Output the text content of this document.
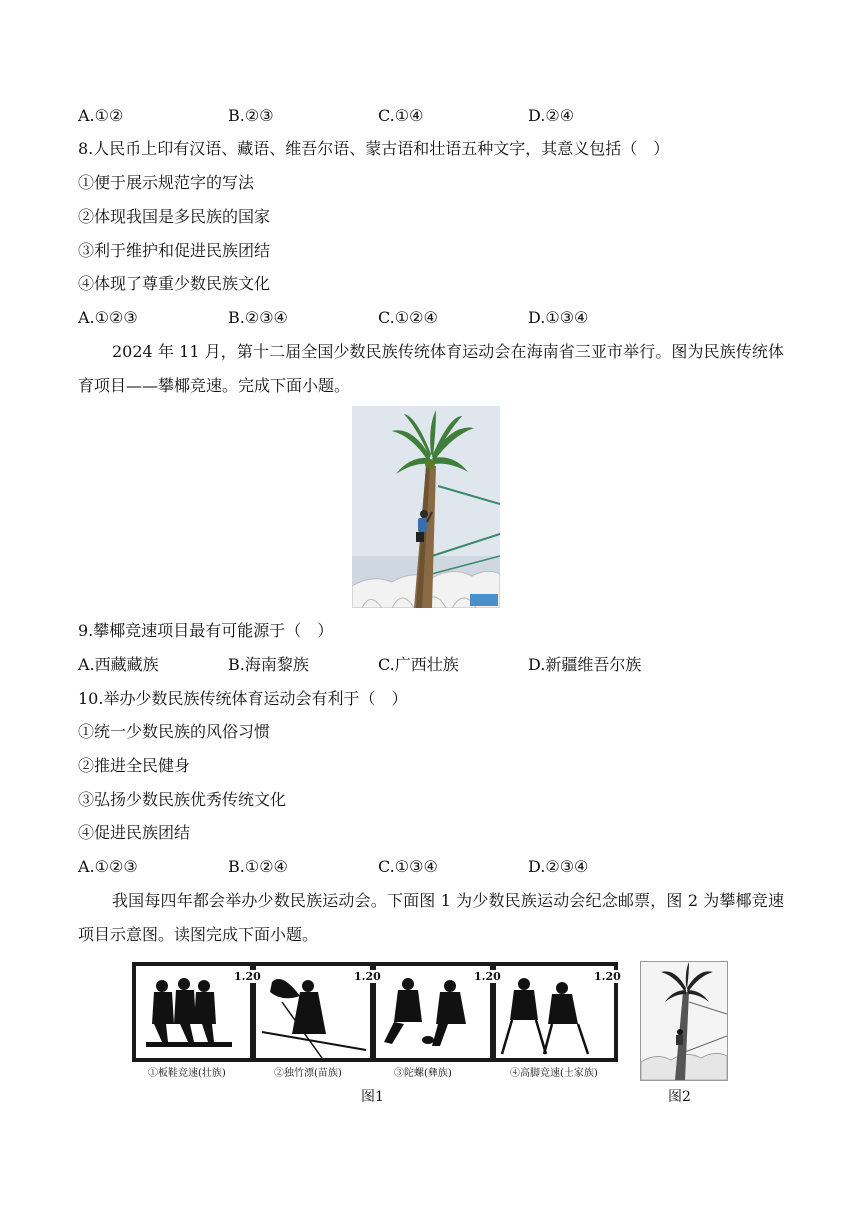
A.①②	B.②③	C.①④	D.②④
8.人民币上印有汉语、藏语、维吾尔语、蒙古语和壮语五种文字，其意义包括（　）
①便于展示规范字的写法
②体现我国是多民族的国家
③利于维护和促进民族团结
④体现了尊重少数民族文化
A.①②③	B.②③④	C.①②④	D.①③④
2024 年 11 月，第十二届全国少数民族传统体育运动会在海南省三亚市举行。图为民族传统体育项目——攀椰竞速。完成下面小题。
9.攀椰竞速项目最有可能源于（　）
A.西藏藏族	B.海南黎族	C.广西壮族	D.新疆维吾尔族
10.举办少数民族传统体育运动会有利于（　）
①统一少数民族的风俗习惯
②推进全民健身
③弘扬少数民族优秀传统文化
④促进民族团结
A.①②③	B.①②④	C.①③④	D.②③④
我国每四年都会举办少数民族运动会。下面图 1 为少数民族运动会纪念邮票，图 2 为攀椰竞速项目示意图。读图完成下面小题。
1.20	1.20	1.20	1.20
①板鞋竞速(壮族)	②独竹漂(苗族)	③陀螺(彝族)	④高脚竞速(土家族)
图1	图2
